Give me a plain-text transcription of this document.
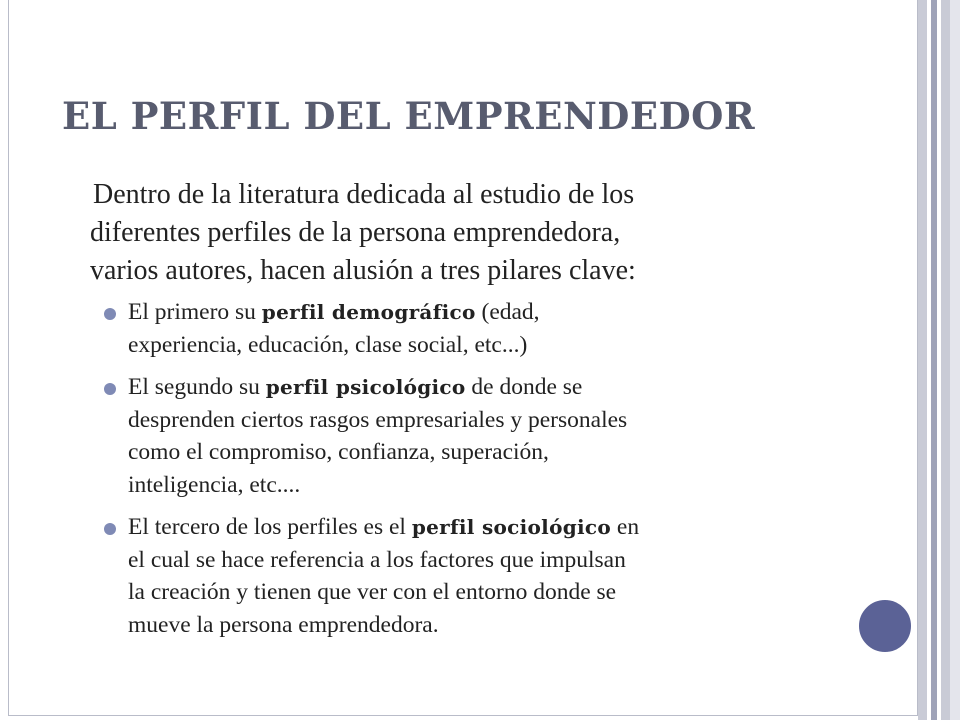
EL PERFIL DEL EMPRENDEDOR

Dentro de la literatura dedicada al estudio de los
diferentes perfiles de la persona emprendedora,
varios autores, hacen alusión a tres pilares clave:

El primero su perfil demográfico (edad,
experiencia, educación, clase social, etc...)
El segundo su perfil psicológico de donde se
desprenden ciertos rasgos empresariales y personales
como el compromiso, confianza, superación,
inteligencia, etc....
El tercero de los perfiles es el perfil sociológico en
el cual se hace referencia a los factores que impulsan
la creación y tienen que ver con el entorno donde se
mueve la persona emprendedora.
